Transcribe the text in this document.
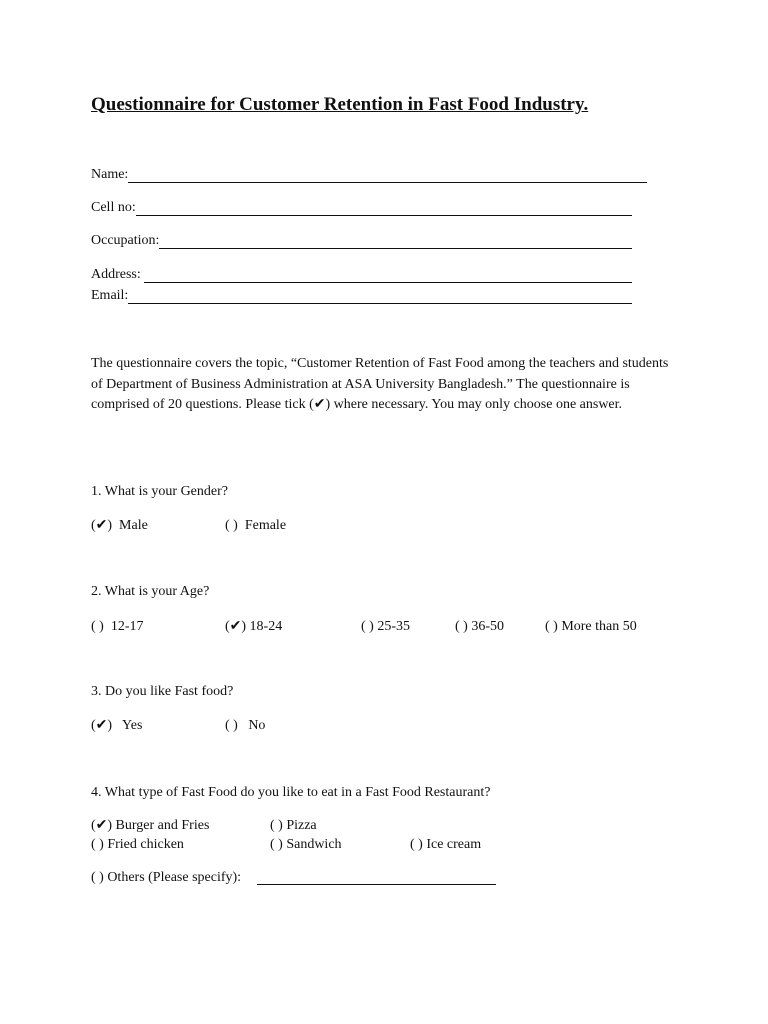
Questionnaire for Customer Retention in Fast Food Industry.
Name:
Cell no:
Occupation:
Address:
Email:

The questionnaire covers the topic, “Customer Retention of Fast Food among the teachers and students of Department of Business Administration at ASA University Bangladesh.” The questionnaire is comprised of 20 questions. Please tick (✔) where necessary. You may only choose one answer.

1. What is your Gender?

(✔)  Male	( )  Female

2. What is your Age?

( )  12-17	(✔) 18-24	( ) 25-35	( ) 36-50	( ) More than 50

3. Do you like Fast food?

(✔)   Yes	( )   No

4. What type of Fast Food do you like to eat in a Fast Food Restaurant?

(✔) Burger and Fries	( ) Pizza
( ) Fried chicken	( ) Sandwich	( ) Ice cream
( ) Others (Please specify):
